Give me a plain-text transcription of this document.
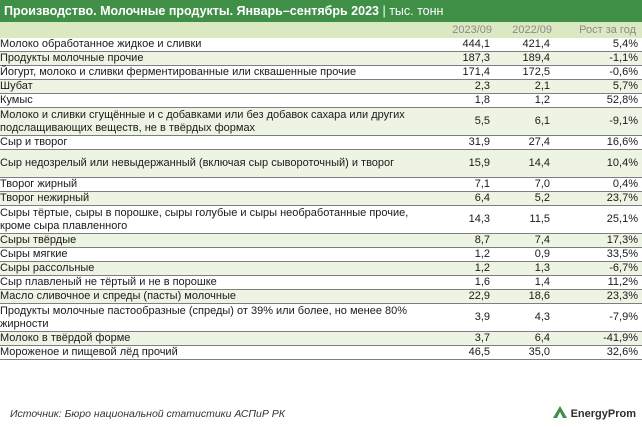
Производство. Молочные продукты. Январь–сентябрь 2023 | тыс. тонн
2023/09	2022/09	Рост за год
Молоко обработанное жидкое и сливки	444,1	421,4	5,4%
Продукты молочные прочие	187,3	189,4	-1,1%
Йогурт, молоко и сливки ферментированные или сквашенные прочие	171,4	172,5	-0,6%
Шубат	2,3	2,1	5,7%
Кумыс	1,8	1,2	52,8%
Молоко и сливки сгущённые и с добавками или без добавок сахара или других подслащивающих веществ, не в твёрдых формах	5,5	6,1	-9,1%
Сыр и творог	31,9	27,4	16,6%
Сыр недозрелый или невыдержанный (включая сыр сывороточный) и творог	15,9	14,4	10,4%
Творог жирный	7,1	7,0	0,4%
Творог нежирный	6,4	5,2	23,7%
Сыры тёртые, сыры в порошке, сыры голубые и сыры необработанные прочие, кроме сыра плавленного	14,3	11,5	25,1%
Сыры твёрдые	8,7	7,4	17,3%
Сыры мягкие	1,2	0,9	33,5%
Сыры рассольные	1,2	1,3	-6,7%
Сыр плавленый не тёртый и не в порошке	1,6	1,4	11,2%
Масло сливочное и спреды (пасты) молочные	22,9	18,6	23,3%
Продукты молочные пастообразные (спреды) от 39% или более, но менее 80% жирности	3,9	4,3	-7,9%
Молоко в твёрдой форме	3,7	6,4	-41,9%
Мороженое и пищевой лёд прочий	46,5	35,0	32,6%
Источник: Бюро национальной статистики АСПиР РК	EnergyProm
